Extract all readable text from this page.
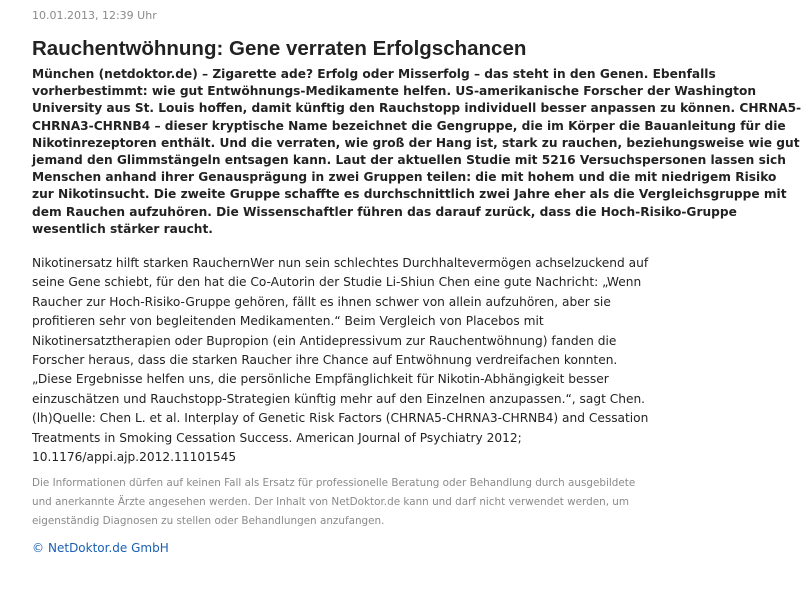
10.01.2013, 12:39 Uhr

Rauchentwöhnung: Gene verraten Erfolgschancen

München (netdoktor.de) – Zigarette ade? Erfolg oder Misserfolg – das steht in den Genen. Ebenfalls vorherbestimmt: wie gut Entwöhnungs-Medikamente helfen. US-amerikanische Forscher der Washington University aus St. Louis hoffen, damit künftig den Rauchstopp individuell besser anpassen zu können. CHRNA5-CHRNA3-CHRNB4 – dieser kryptische Name bezeichnet die Gengruppe, die im Körper die Bauanleitung für die Nikotinrezeptoren enthält. Und die verraten, wie groß der Hang ist, stark zu rauchen, beziehungsweise wie gut jemand den Glimmstängeln entsagen kann. Laut der aktuellen Studie mit 5216 Versuchspersonen lassen sich Menschen anhand ihrer Genausprägung in zwei Gruppen teilen: die mit hohem und die mit niedrigem Risiko zur Nikotinsucht. Die zweite Gruppe schaffte es durchschnittlich zwei Jahre eher als die Vergleichsgruppe mit dem Rauchen aufzuhören. Die Wissenschaftler führen das darauf zurück, dass die Hoch-Risiko-Gruppe wesentlich stärker raucht.

Nikotinersatz hilft starken RauchernWer nun sein schlechtes Durchhaltevermögen achselzuckend auf seine Gene schiebt, für den hat die Co-Autorin der Studie Li-Shiun Chen eine gute Nachricht: „Wenn Raucher zur Hoch-Risiko-Gruppe gehören, fällt es ihnen schwer von allein aufzuhören, aber sie profitieren sehr von begleitenden Medikamenten.“ Beim Vergleich von Placebos mit Nikotinersatztherapien oder Bupropion (ein Antidepressivum zur Rauchentwöhnung) fanden die Forscher heraus, dass die starken Raucher ihre Chance auf Entwöhnung verdreifachen konnten. „Diese Ergebnisse helfen uns, die persönliche Empfänglichkeit für Nikotin-Abhängigkeit besser einzuschätzen und Rauchstopp-Strategien künftig mehr auf den Einzelnen anzupassen.“, sagt Chen. (lh)Quelle: Chen L. et al. Interplay of Genetic Risk Factors (CHRNA5-CHRNA3-CHRNB4) and Cessation Treatments in Smoking Cessation Success. American Journal of Psychiatry 2012; 10.1176/appi.ajp.2012.11101545

Die Informationen dürfen auf keinen Fall als Ersatz für professionelle Beratung oder Behandlung durch ausgebildete und anerkannte Ärzte angesehen werden. Der Inhalt von NetDoktor.de kann und darf nicht verwendet werden, um eigenständig Diagnosen zu stellen oder Behandlungen anzufangen.

© NetDoktor.de GmbH
